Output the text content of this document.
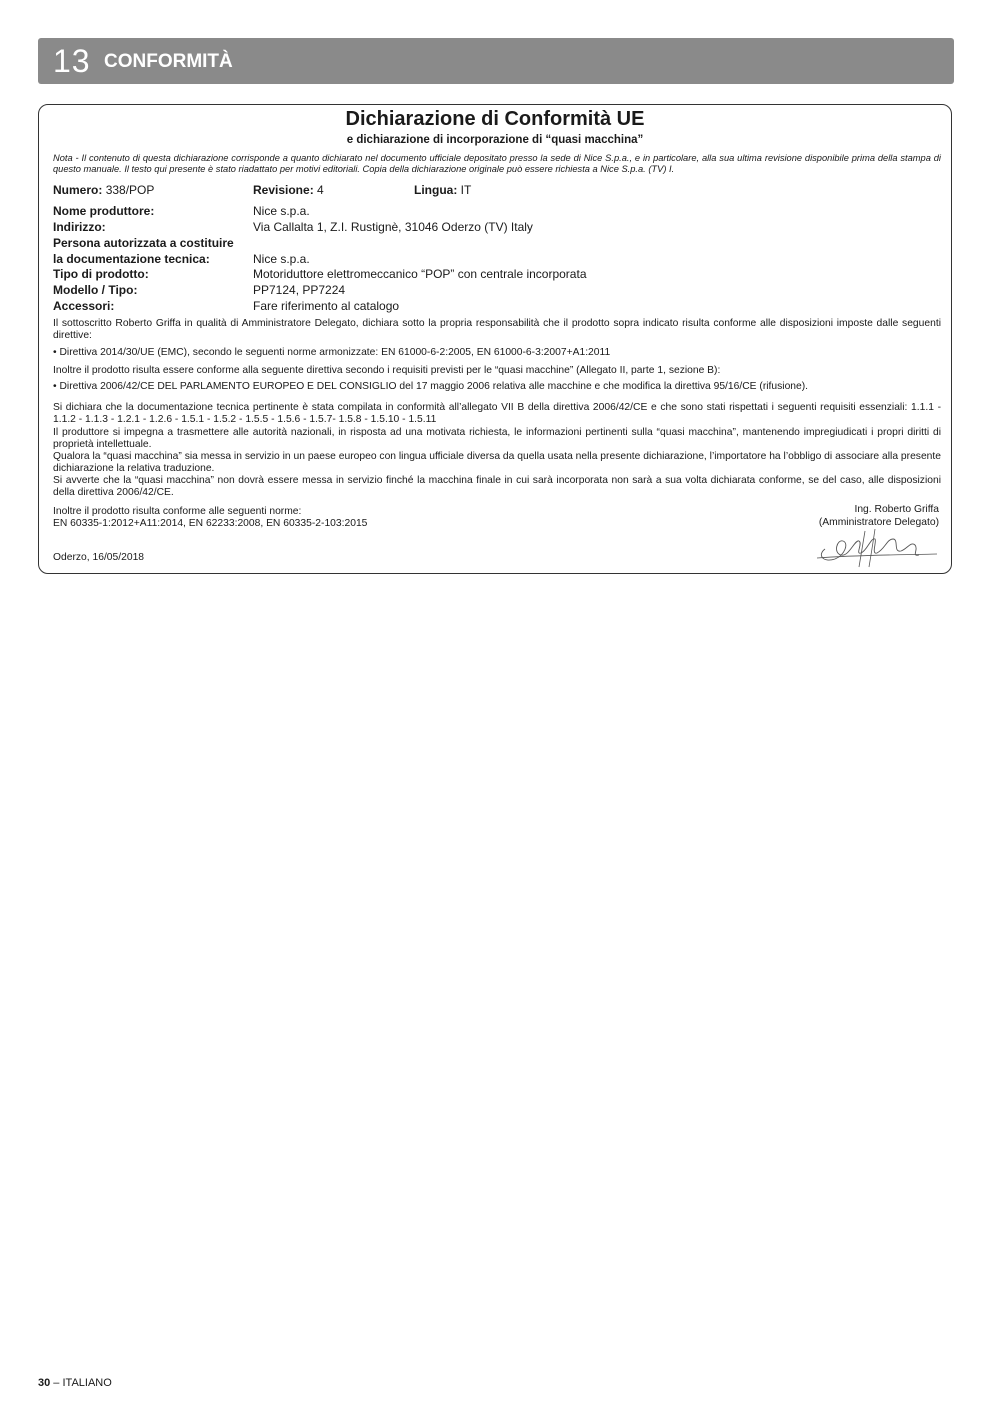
13 CONFORMITÀ
Dichiarazione di Conformità UE
e dichiarazione di incorporazione di “quasi macchina”
Nota - Il contenuto di questa dichiarazione corrisponde a quanto dichiarato nel documento ufficiale depositato presso la sede di Nice S.p.a., e in particolare, alla sua ultima revisione disponibile prima della stampa di questo manuale. Il testo qui presente è stato riadattato per motivi editoriali. Copia della dichiarazione originale può essere richiesta a Nice S.p.a. (TV) I.
Numero: 338/POP	Revisione: 4	Lingua: IT
Nome produttore:	Nice s.p.a.
Indirizzo:	Via Callalta 1, Z.I. Rustignè, 31046 Oderzo (TV) Italy
Persona autorizzata a costituire
la documentazione tecnica:	Nice s.p.a.
Tipo di prodotto:	Motoriduttore elettromeccanico “POP” con centrale incorporata
Modello / Tipo:	PP7124, PP7224
Accessori:	Fare riferimento al catalogo
Il sottoscritto Roberto Griffa in qualità di Amministratore Delegato, dichiara sotto la propria responsabilità che il prodotto sopra indicato risulta conforme alle disposizioni imposte dalle seguenti direttive:
• Direttiva 2014/30/UE (EMC), secondo le seguenti norme armonizzate: EN 61000-6-2:2005, EN 61000-6-3:2007+A1:2011
Inoltre il prodotto risulta essere conforme alla seguente direttiva secondo i requisiti previsti per le “quasi macchine” (Allegato II, parte 1, sezione B):
• Direttiva 2006/42/CE DEL PARLAMENTO EUROPEO E DEL CONSIGLIO del 17 maggio 2006 relativa alle macchine e che modifica la direttiva 95/16/CE (rifusione).
Si dichiara che la documentazione tecnica pertinente è stata compilata in conformità all’allegato VII B della direttiva 2006/42/CE e che sono stati rispettati i seguenti requisiti essenziali: 1.1.1 - 1.1.2 - 1.1.3 - 1.2.1 - 1.2.6 - 1.5.1 - 1.5.2 - 1.5.5 - 1.5.6 - 1.5.7- 1.5.8 - 1.5.10 - 1.5.11
Il produttore si impegna a trasmettere alle autorità nazionali, in risposta ad una motivata richiesta, le informazioni pertinenti sulla “quasi macchina”, mantenendo impregiudicati i propri diritti di proprietà intellettuale.
Qualora la “quasi macchina” sia messa in servizio in un paese europeo con lingua ufficiale diversa da quella usata nella presente dichiarazione, l’importatore ha l’obbligo di associare alla presente dichiarazione la relativa traduzione.
Si avverte che la “quasi macchina” non dovrà essere messa in servizio finché la macchina finale in cui sarà incorporata non sarà a sua volta dichiarata conforme, se del caso, alle disposizioni della direttiva 2006/42/CE.
Inoltre il prodotto risulta conforme alle seguenti norme:
EN 60335-1:2012+A11:2014, EN 62233:2008, EN 60335-2-103:2015
Ing. Roberto Griffa
(Amministratore Delegato)
Oderzo, 16/05/2018
30 – ITALIANO
